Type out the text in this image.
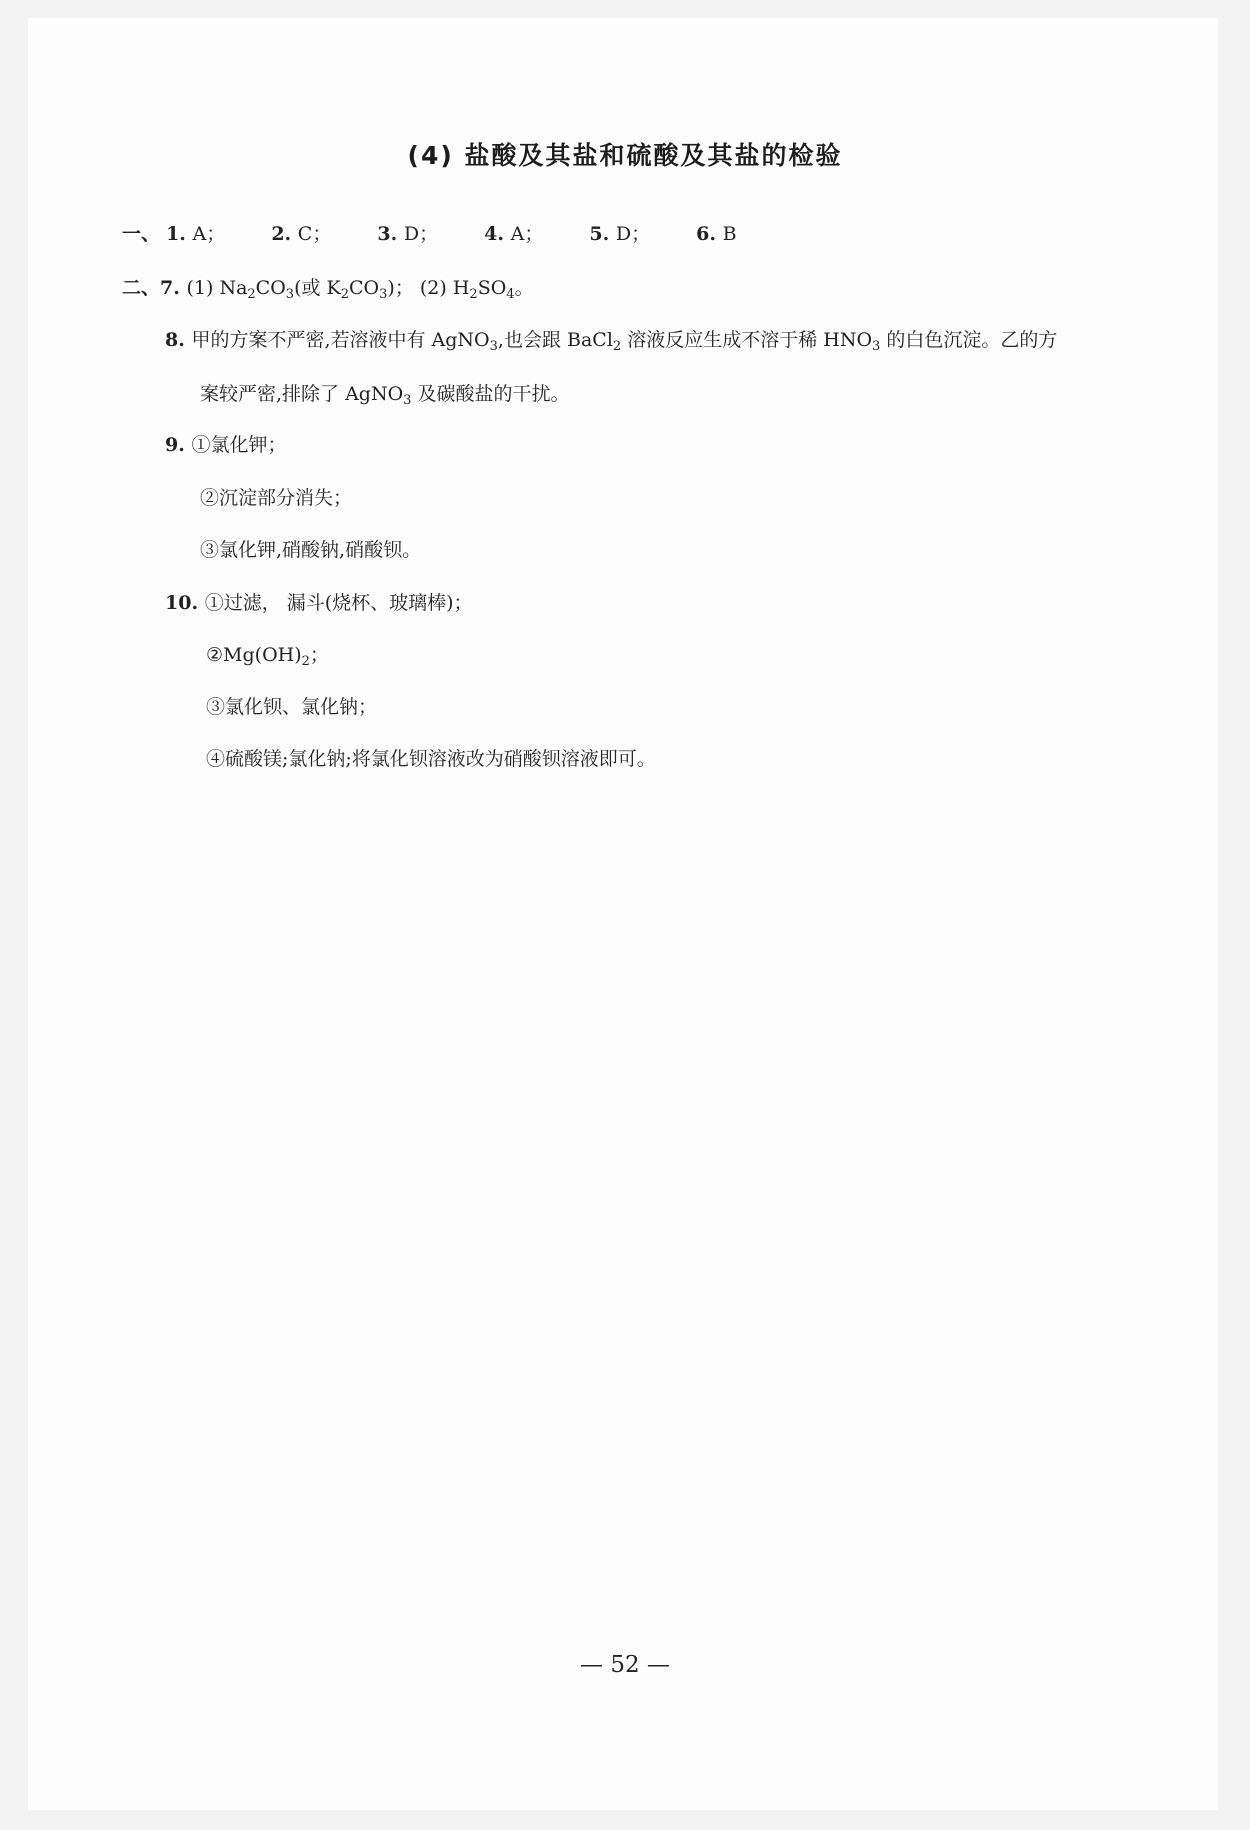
(4) 盐酸及其盐和硫酸及其盐的检验
一、 1. A； 2. C； 3. D； 4. A； 5. D； 6. B
二、7. (1) $Na_2CO_3$(或 $K_2CO_3$)； (2) $H_2SO_4$。
8. 甲的方案不严密,若溶液中有 AgNO$_3$,也会跟 BaCl$_2$ 溶液反应生成不溶于稀 $HNO_3$ 的白色沉淀。乙的方
案较严密,排除了 AgNO$_3$ 及碳酸盐的干扰。
9. ①氯化钾；
②沉淀部分消失；
③氯化钾,硝酸钠,硝酸钡。
10. ①过滤， 漏斗(烧杯、玻璃棒)；
$②Mg(OH)_2$；
③氯化钡、氯化钠；
④硫酸镁;氯化钠;将氯化钡溶液改为硝酸钡溶液即可。
— 52 —
